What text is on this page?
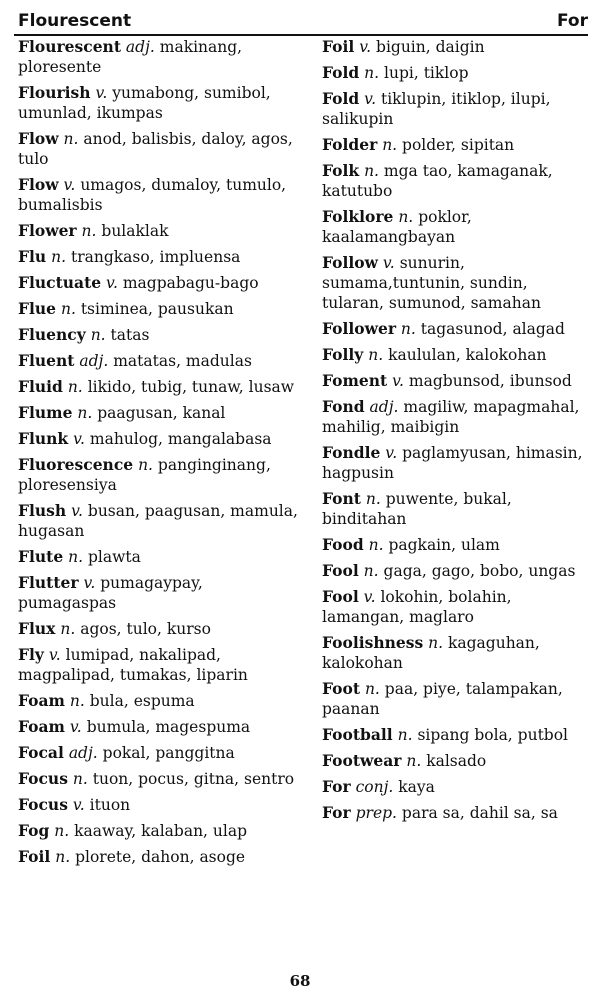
Flourescent	For
Flourescent adj. makinang, ploresente
Flourish v. yumabong, sumibol, umunlad, ikumpas
Flow n. anod, balisbis, daloy, agos, tulo
Flow v. umagos, dumaloy, tumulo, bumalisbis
Flower n. bulaklak
Flu n. trangkaso, impluensa
Fluctuate v. magpabagu-bago
Flue n. tsiminea, pausukan
Fluency n. tatas
Fluent adj. matatas, madulas
Fluid n. likido, tubig, tunaw, lusaw
Flume n. paagusan, kanal
Flunk v. mahulog, mangalabasa
Fluorescence n. panginginang, ploresensiya
Flush v. busan, paagusan, mamula, hugasan
Flute n. plawta
Flutter v. pumagaypay, pumagaspas
Flux n. agos, tulo, kurso
Fly v. lumipad, nakalipad, magpalipad, tumakas, liparin
Foam n. bula, espuma
Foam v. bumula, magespuma
Focal adj. pokal, panggitna
Focus n. tuon, pocus, gitna, sentro
Focus v. ituon
Fog n. kaaway, kalaban, ulap
Foil n. plorete, dahon, asoge
Foil v. biguin, daigin
Fold n. lupi, tiklop
Fold v. tiklupin, itiklop, ilupi, salikupin
Folder n. polder, sipitan
Folk n. mga tao, kamaganak, katutubo
Folklore n. poklor, kaalamangbayan
Follow v. sunurin, sumama,tuntunin, sundin, tularan, sumunod, samahan
Follower n. tagasunod, alagad
Folly n. kaululan, kalokohan
Foment v. magbunsod, ibunsod
Fond adj. magiliw, mapagmahal, mahilig, maibigin
Fondle v. paglamyusan, himasin, hagpusin
Font n. puwente, bukal, binditahan
Food n. pagkain, ulam
Fool n. gaga, gago, bobo, ungas
Fool v. lokohin, bolahin, lamangan, maglaro
Foolishness n. kagaguhan, kalokohan
Foot n. paa, piye, talampakan, paanan
Football n. sipang bola, putbol
Footwear n. kalsado
For conj. kaya
For prep. para sa, dahil sa, sa
68
